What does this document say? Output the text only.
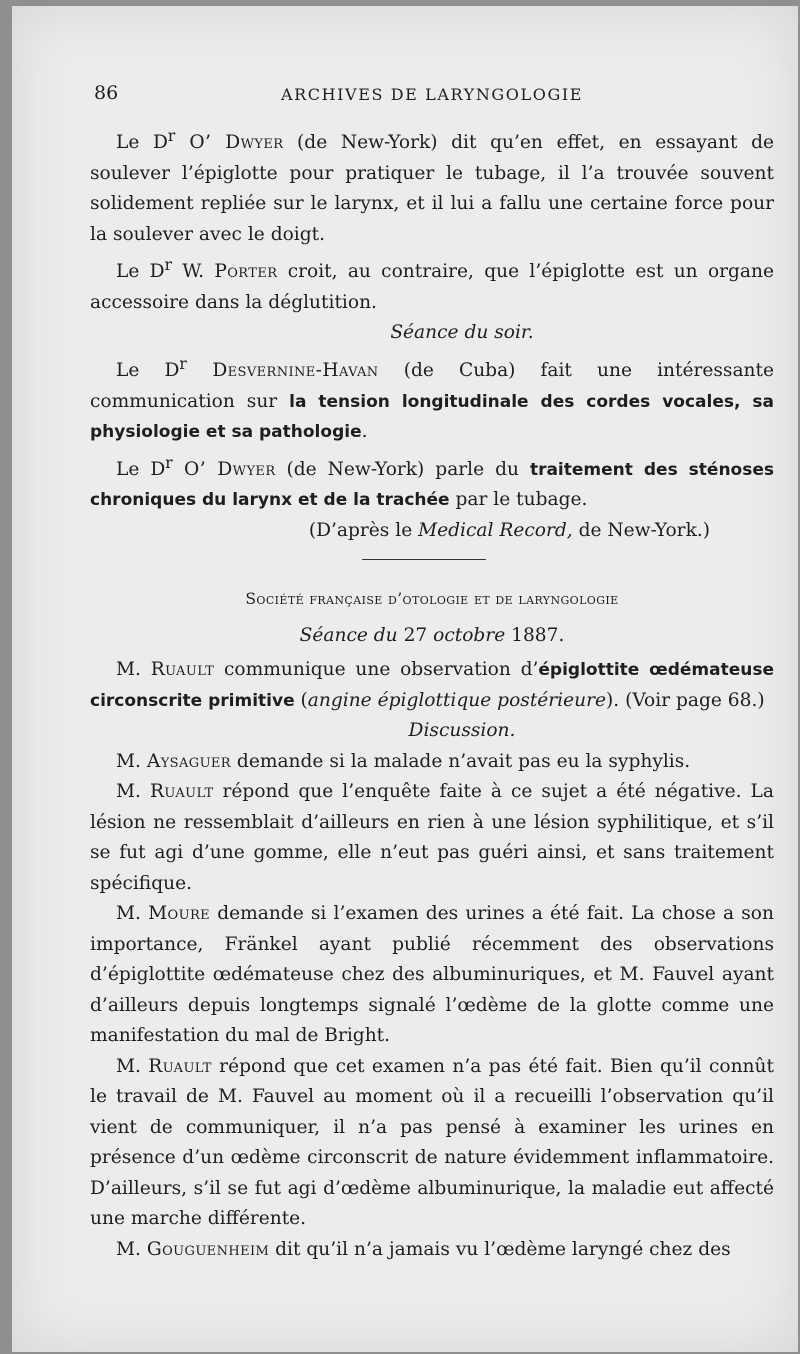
86	ARCHIVES DE LARYNGOLOGIE

Le $D^r$ O’ Dwyer (de New-York) dit qu’en effet, en essayant de soulever l’épiglotte pour pratiquer le tubage, il l’a trouvée souvent solidement repliée sur le larynx, et il lui a fallu une certaine force pour la soulever avec le doigt.

Le $D^r$ W. Porter croit, au contraire, que l’épiglotte est un organe accessoire dans la déglutition.

Séance du soir.

Le $D^r$ Desvernine-Havan (de Cuba) fait une intéressante communication sur la tension longitudinale des cordes vocales, sa physiologie et sa pathologie.

Le $D^r$ O’ Dwyer (de New-York) parle du traitement des sténoses chroniques du larynx et de la trachée par le tubage.

(D’après le Medical Record, de New-York.)

Société française d’otologie et de laryngologie

Séance du 27 octobre 1887.

M. Ruault communique une observation d’épiglottite œdémateuse circonscrite primitive (angine épiglottique postérieure). (Voir page 68.)

Discussion.

M. Aysaguer demande si la malade n’avait pas eu la syphylis.

M. Ruault répond que l’enquête faite à ce sujet a été négative. La lésion ne ressemblait d’ailleurs en rien à une lésion syphilitique, et s’il se fut agi d’une gomme, elle n’eut pas guéri ainsi, et sans traitement spécifique.

M. Moure demande si l’examen des urines a été fait. La chose a son importance, Fränkel ayant publié récemment des observations d’épiglottite œdémateuse chez des albuminuriques, et M. Fauvel ayant d’ailleurs depuis longtemps signalé l’œdème de la glotte comme une manifestation du mal de Bright.

M. Ruault répond que cet examen n’a pas été fait. Bien qu’il connût le travail de M. Fauvel au moment où il a recueilli l’observation qu’il vient de communiquer, il n’a pas pensé à examiner les urines en présence d’un œdème circonscrit de nature évidemment inflammatoire. D’ailleurs, s’il se fut agi d’œdème albuminurique, la maladie eut affecté une marche différente.

M. Gouguenheim dit qu’il n’a jamais vu l’œdème laryngé chez des
